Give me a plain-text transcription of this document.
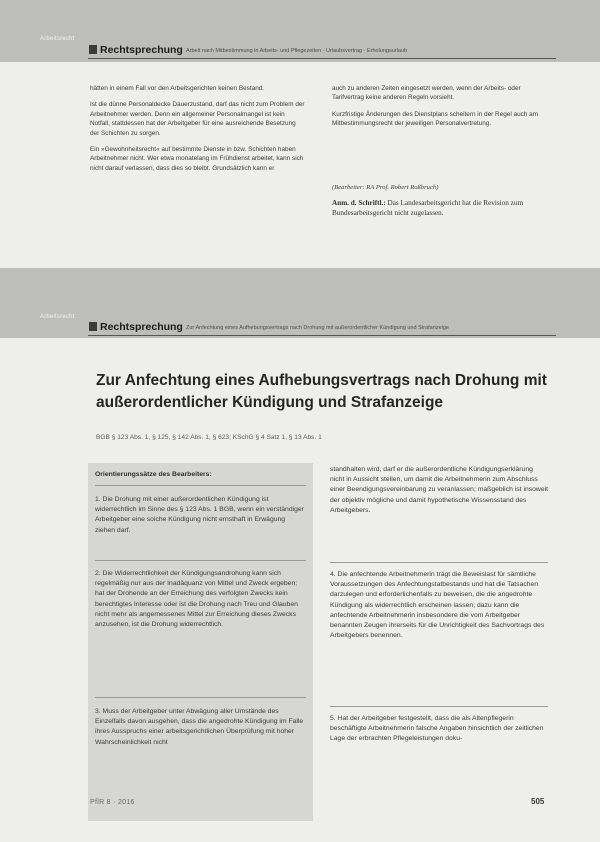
Arbeitsrecht
Rechtsprechung Arbeit nach Mitbestimmung in Arbeits- und Pflegezeiten · Urlaubsvertrag · Erholungsurlaub

hätten in einem Fall vor den Arbeitsgerichten keinen Bestand.

Ist die dünne Personaldecke Dauerzustand, darf das nicht zum Problem der Arbeitnehmer werden. Denn ein allgemeiner Personalmangel ist kein Notfall, stattdessen hat der Arbeitgeber für eine ausreichende Besetzung der Schichten zu sorgen.

Ein »Gewohnheitsrecht« auf bestimmte Dienste in bzw. Schichten haben Arbeitnehmer nicht. Wer etwa monatelang im Frühdienst arbeitet, kann sich nicht darauf verlassen, dass dies so bleibt. Grundsätzlich kann er

auch zu anderen Zeiten eingesetzt werden, wenn der Arbeits- oder Tarifvertrag keine anderen Regeln vorsieht.

Kurzfristige Änderungen des Dienstplans scheitern in der Regel auch am Mitbestimmungsrecht der jeweiligen Personalvertretung.

(Bearbeiter: RA Prof. Robert Roßbruch)
Anm. d. Schriftl.: Das Landesarbeitsgericht hat die Revision zum Bundesarbeitsgericht nicht zugelassen.
Arbeitsrecht
Rechtsprechung Zur Anfechtung eines Aufhebungsvertrags nach Drohung mit außerordentlicher Kündigung und Strafanzeige
Zur Anfechtung eines Aufhebungsvertrags nach Drohung mit außerordentlicher Kündigung und Strafanzeige
BGB § 123 Abs. 1, § 125, § 142 Abs. 1, § 623; KSchG § 4 Satz 1, § 13 Abs. 1
Orientierungssätze des Bearbeiters:
1. Die Drohung mit einer außerordentlichen Kündigung ist widerrechtlich im Sinne des § 123 Abs. 1 BGB, wenn ein verständiger Arbeitgeber eine solche Kündigung nicht ernsthaft in Erwägung ziehen darf.
2. Die Widerrechtlichkeit der Kündigungsandrohung kann sich regelmäßig nur aus der Inadäquanz von Mittel und Zweck ergeben; hat der Drohende an der Erreichung des verfolgten Zwecks kein berechtigtes Interesse oder ist die Drohung nach Treu und Glauben nicht mehr als angemessenes Mittel zur Erreichung dieses Zwecks anzusehen, ist die Drohung widerrechtlich.
3. Muss der Arbeitgeber unter Abwägung aller Umstände des Einzelfalls davon ausgehen, dass die angedrohte Kündigung im Falle ihres Ausspruchs einer arbeitsgerichtlichen Überprüfung mit hoher Wahrscheinlichkeit nicht
standhalten wird, darf er die außerordentliche Kündigungserklärung nicht in Aussicht stellen, um damit die Arbeitnehmerin zum Abschluss einer Beendigungsvereinbarung zu veranlassen; maßgeblich ist insoweit der objektiv mögliche und damit hypothetische Wissensstand des Arbeitgebers.
4. Die anfechtende Arbeitnehmerin trägt die Beweislast für sämtliche Voraussetzungen des Anfechtungstatbestands und hat die Tatsachen darzulegen und erforderlichenfalls zu beweisen, die die angedrohte Kündigung als widerrechtlich erscheinen lassen; dazu kann die anfechtende Arbeitnehmerin insbesondere die vom Arbeitgeber benannten Zeugen ihrerseits für die Unrichtigkeit des Sachvortrags des Arbeitgebers benennen.
5. Hat der Arbeitgeber festgestellt, dass die als Altenpflegerin beschäftigte Arbeitnehmerin falsche Angaben hinsichtlich der zeitlichen Lage der erbrachten Pflegeleistungen doku-
PflR 8 · 2016	505
